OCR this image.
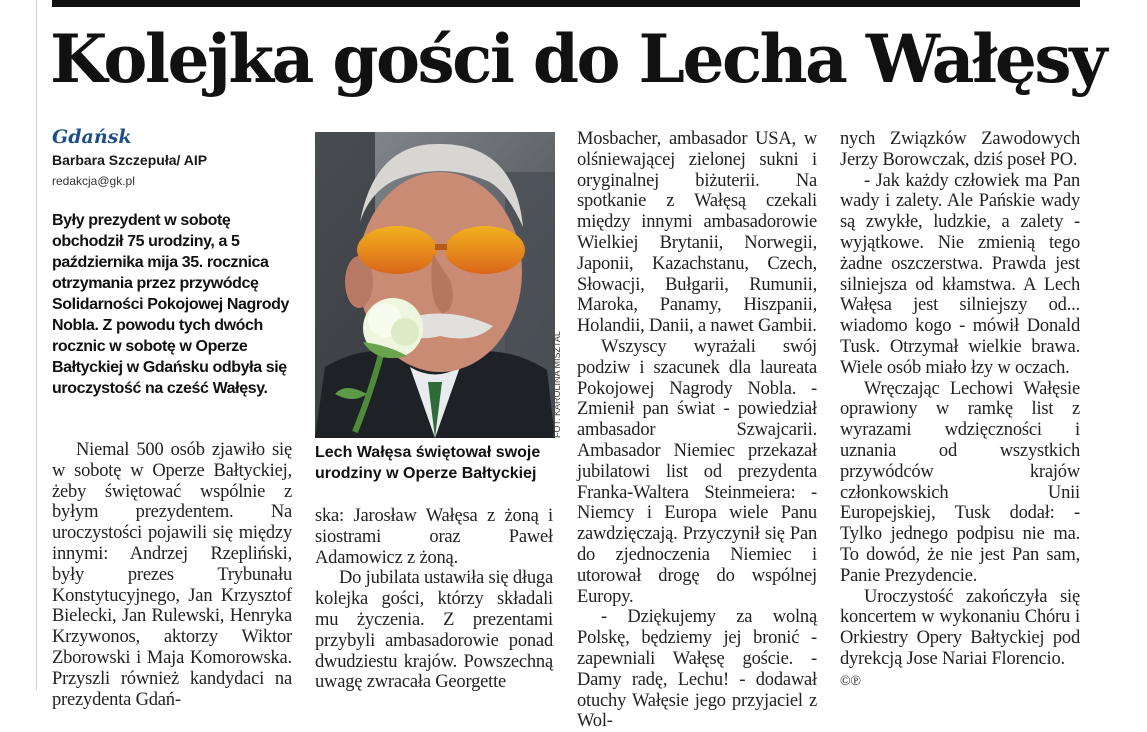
Kolejka gości do Lecha Wałęsy
Gdańsk
Barbara Szczepuła/ AIP
redakcja@gk.pl
Były prezydent w sobotę obchodził 75 urodziny, a 5 października mija 35. rocznica otrzymania przez przywódcę Solidarności Pokojowej Nagrody Nobla. Z powodu tych dwóch rocznic w sobotę w Operze Bałtyckiej w Gdańsku odbyła się uroczystość na cześć Wałęsy.

Niemal 500 osób zjawiło się w sobotę w Operze Bałtyckiej, żeby świętować wspólnie z byłym prezydentem. Na uroczystości pojawili się między innymi: Andrzej Rzepliński, były prezes Trybunału Konstytucyjnego, Jan Krzysztof Bielecki, Jan Rulewski, Henryka Krzywonos, aktorzy Wiktor Zborowski i Maja Komorowska. Przyszli również kandydaci na prezydenta Gdań-

FOT. KAROLINA MISZTAL
Lech Wałęsa świętował swoje urodziny w Operze Bałtyckiej

ska: Jarosław Wałęsa z żoną i siostrami oraz Paweł Adamowicz z żoną.

Do jubilata ustawiła się długa kolejka gości, którzy składali mu życzenia. Z prezentami przybyli ambasadorowie ponad dwudziestu krajów. Powszechną uwagę zwracała Georgette

Mosbacher, ambasador USA, w olśniewającej zielonej sukni i oryginalnej biżuterii. Na spotkanie z Wałęsą czekali między innymi ambasadorowie Wielkiej Brytanii, Norwegii, Japonii, Kazachstanu, Czech, Słowacji, Bułgarii, Rumunii, Maroka, Panamy, Hiszpanii, Holandii, Danii, a nawet Gambii.

Wszyscy wyrażali swój podziw i szacunek dla laureata Pokojowej Nagrody Nobla. - Zmienił pan świat - powiedział ambasador Szwajcarii. Ambasador Niemiec przekazał jubilatowi list od prezydenta Franka-Waltera Steinmeiera: - Niemcy i Europa wiele Panu zawdzięczają. Przyczynił się Pan do zjednoczenia Niemiec i utorował drogę do wspólnej Europy.

- Dziękujemy za wolną Polskę, będziemy jej bronić - zapewniali Wałęsę goście. - Damy radę, Lechu! - dodawał otuchy Wałęsie jego przyjaciel z Wol-

nych Związków Zawodowych Jerzy Borowczak, dziś poseł PO.

- Jak każdy człowiek ma Pan wady i zalety. Ale Pańskie wady są zwykłe, ludzkie, a zalety - wyjątkowe. Nie zmienią tego żadne oszczerstwa. Prawda jest silniejsza od kłamstwa. A Lech Wałęsa jest silniejszy od... wiadomo kogo - mówił Donald Tusk. Otrzymał wielkie brawa. Wiele osób miało łzy w oczach.

Wręczając Lechowi Wałęsie oprawiony w ramkę list z wyrazami wdzięczności i uznania od wszystkich przywódców krajów członkowskich Unii Europejskiej, Tusk dodał: - Tylko jednego podpisu nie ma. To dowód, że nie jest Pan sam, Panie Prezydencie.

Uroczystość zakończyła się koncertem w wykonaniu Chóru i Orkiestry Opery Bałtyckiej pod dyrekcją Jose Nariai Florencio.

©℗
